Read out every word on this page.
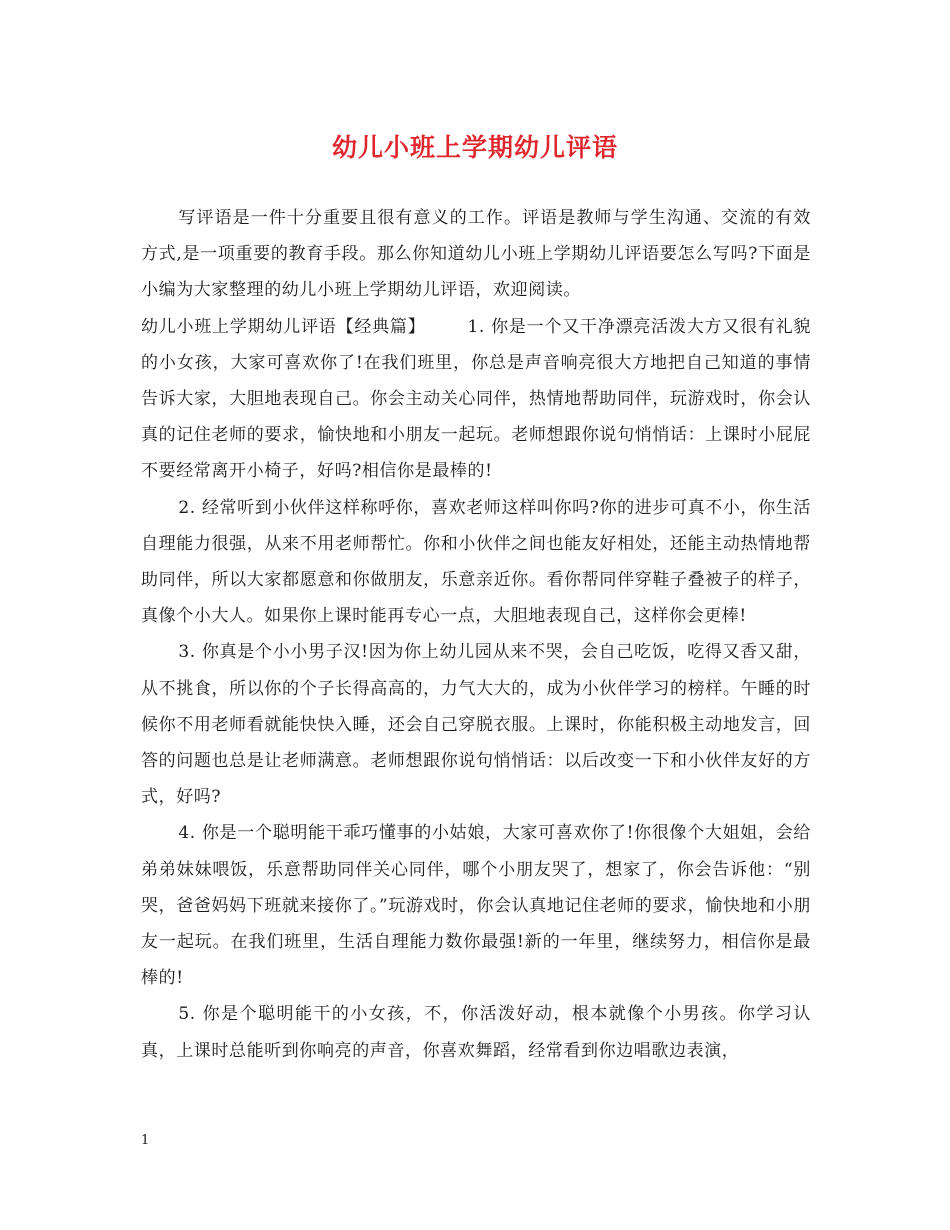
幼儿小班上学期幼儿评语

写评语是一件十分重要且很有意义的工作。评语是教师与学生沟通、交流的有效方式,是一项重要的教育手段。那么你知道幼儿小班上学期幼儿评语要怎么写吗?下面是小编为大家整理的幼儿小班上学期幼儿评语，欢迎阅读。

幼儿小班上学期幼儿评语【经典篇】 1. 你是一个又干净漂亮活泼大方又很有礼貌的小女孩，大家可喜欢你了!在我们班里，你总是声音响亮很大方地把自己知道的事情告诉大家，大胆地表现自己。你会主动关心同伴，热情地帮助同伴，玩游戏时，你会认真的记住老师的要求，愉快地和小朋友一起玩。老师想跟你说句悄悄话：上课时小屁屁不要经常离开小椅子，好吗?相信你是最棒的!

2. 经常听到小伙伴这样称呼你，喜欢老师这样叫你吗?你的进步可真不小，你生活自理能力很强，从来不用老师帮忙。你和小伙伴之间也能友好相处，还能主动热情地帮助同伴，所以大家都愿意和你做朋友，乐意亲近你。看你帮同伴穿鞋子叠被子的样子，真像个小大人。如果你上课时能再专心一点，大胆地表现自己，这样你会更棒!

3. 你真是个小小男子汉!因为你上幼儿园从来不哭，会自己吃饭，吃得又香又甜，从不挑食，所以你的个子长得高高的，力气大大的，成为小伙伴学习的榜样。午睡的时候你不用老师看就能快快入睡，还会自己穿脱衣服。上课时，你能积极主动地发言，回答的问题也总是让老师满意。老师想跟你说句悄悄话：以后改变一下和小伙伴友好的方式，好吗?

4. 你是一个聪明能干乖巧懂事的小姑娘，大家可喜欢你了!你很像个大姐姐，会给弟弟妹妹喂饭，乐意帮助同伴关心同伴，哪个小朋友哭了，想家了，你会告诉他：“别哭，爸爸妈妈下班就来接你了。”玩游戏时，你会认真地记住老师的要求，愉快地和小朋友一起玩。在我们班里，生活自理能力数你最强!新的一年里，继续努力，相信你是最棒的!

5. 你是个聪明能干的小女孩，不，你活泼好动，根本就像个小男孩。你学习认真，上课时总能听到你响亮的声音，你喜欢舞蹈，经常看到你边唱歌边表演，

1
